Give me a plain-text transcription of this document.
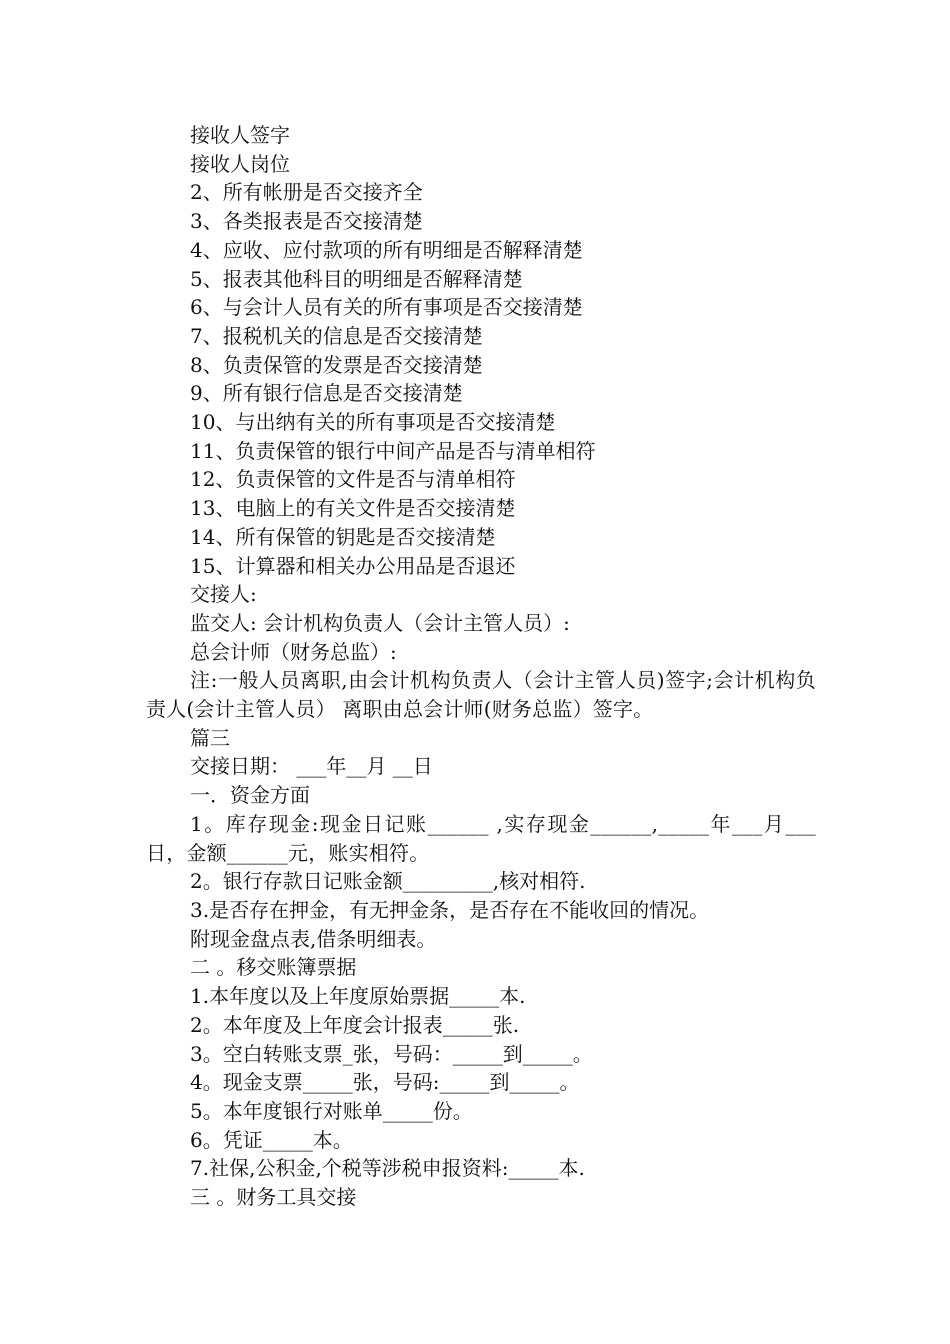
接收人签字

接收人岗位

2、所有帐册是否交接齐全

3、各类报表是否交接清楚

4、应收、应付款项的所有明细是否解释清楚

5、报表其他科目的明细是否解释清楚

6、与会计人员有关的所有事项是否交接清楚

7、报税机关的信息是否交接清楚

8、负责保管的发票是否交接清楚

9、所有银行信息是否交接清楚

10、与出纳有关的所有事项是否交接清楚

11、负责保管的银行中间产品是否与清单相符

12、负责保管的文件是否与清单相符

13、电脑上的有关文件是否交接清楚

14、所有保管的钥匙是否交接清楚

15、计算器和相关办公用品是否退还

交接人:

监交人: 会计机构负责人（会计主管人员）:

总会计师（财务总监）:

注:一般人员离职,由会计机构负责人（会计主管人员)签字;会计机构负责人(会计主管人员） 离职由总会计师(财务总监）签字。

篇三

交接日期： ___年__月 __日

一．资金方面

1。库存现金:现金日记账______ ,实存现金______,_____年___月___日，金额______元，账实相符。

2。银行存款日记账金额_________,核对相符.

3.是否存在押金，有无押金条，是否存在不能收回的情况。

附现金盘点表,借条明细表。

二 。移交账簿票据

1.本年度以及上年度原始票据_____本.

2。本年度及上年度会计报表_____张.

3。空白转账支票_张，号码：_____到_____。

4。现金支票_____张，号码:_____到_____。

5。本年度银行对账单_____份。

6。凭证_____本。

7.社保,公积金,个税等涉税申报资料:_____本.

三 。财务工具交接
